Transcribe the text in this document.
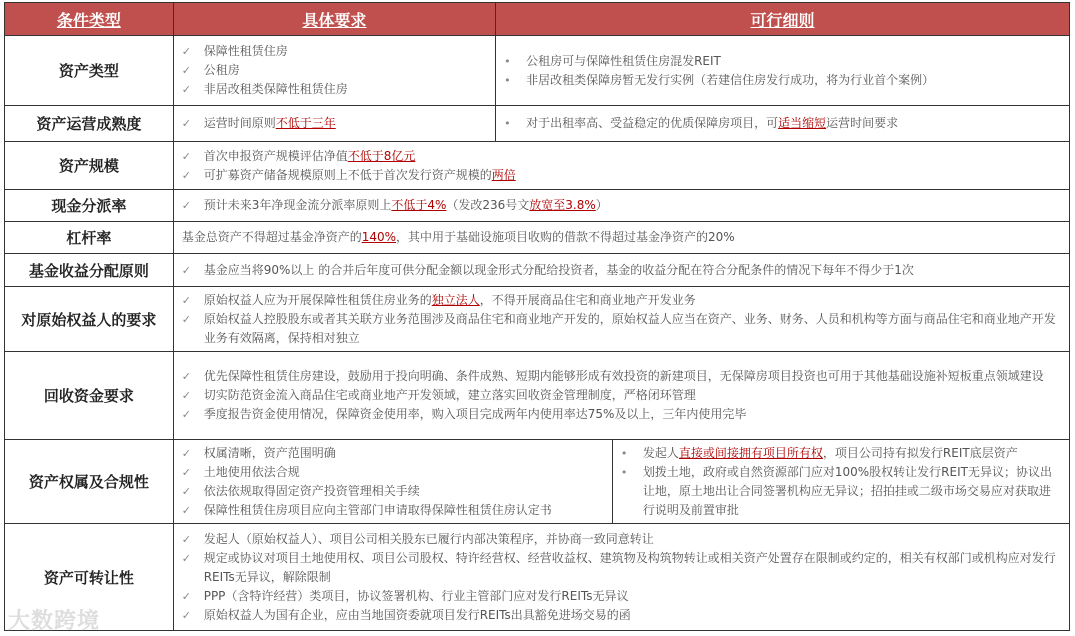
条件类型	具体要求	可行细则
资产类型
✓	保障性租赁住房
✓	公租房
✓	非居改租类保障性租赁住房
•	公租房可与保障性租赁住房混发REIT
•	非居改租类保障房暂无发行实例（若建信住房发行成功，将为行业首个案例）
资产运营成熟度	✓	运营时间原则不低于三年	•	对于出租率高、受益稳定的优质保障房项目，可适当缩短运营时间要求
资产规模
✓	首次申报资产规模评估净值不低于8亿元
✓	可扩募资产储备规模原则上不低于首次发行资产规模的两倍
现金分派率	✓	预计未来3年净现金流分派率原则上不低于4%（发改236号文放宽至3.8%）
杠杆率	基金总资产不得超过基金净资产的140%，其中用于基础设施项目收购的借款不得超过基金净资产的20%
基金收益分配原则	✓	基金应当将90%以上 的合并后年度可供分配金额以现金形式分配给投资者，基金的收益分配在符合分配条件的情况下每年不得少于1次
对原始权益人的要求
✓	原始权益人应为开展保障性租赁住房业务的独立法人，不得开展商品住宅和商业地产开发业务
✓	原始权益人控股股东或者其关联方业务范围涉及商品住宅和商业地产开发的，原始权益人应当在资产、业务、财务、人员和机构等方面与商品住宅和商业地产开发业务有效隔离，保持相对独立
回收资金要求
✓	优先保障性租赁住房建设，鼓励用于投向明确、条件成熟、短期内能够形成有效投资的新建项目，无保障房项目投资也可用于其他基础设施补短板重点领域建设
✓	切实防范资金流入商品住宅或商业地产开发领域，建立落实回收资金管理制度，严格闭环管理
✓	季度报告资金使用情况，保障资金使用率，购入项目完成两年内使用率达75%及以上，三年内使用完毕
资产权属及合规性
✓	权属清晰，资产范围明确
✓	土地使用依法合规
✓	依法依规取得固定资产投资管理相关手续
✓	保障性租赁住房项目应向主管部门申请取得保障性租赁住房认定书
•	发起人直接或间接拥有项目所有权，项目公司持有拟发行REIT底层资产
•	划拨土地，政府或自然资源部门应对100%股权转让发行REIT无异议；协议出让地，原土地出让合同签署机构应无异议；招拍挂或二级市场交易应对获取进行说明及前置审批
资产可转让性
✓	发起人（原始权益人）、项目公司相关股东已履行内部决策程序，并协商一致同意转让
✓	规定或协议对项目土地使用权、项目公司股权、特许经营权、经营收益权、建筑物及构筑物转让或相关资产处置存在限制或约定的，相关有权部门或机构应对发行REITs无异议，解除限制
✓	PPP（含特许经营）类项目，协议签署机构、行业主管部门应对发行REITs无异议
✓	原始权益人为国有企业，应由当地国资委就项目发行REITs出具豁免进场交易的函
大数跨境
